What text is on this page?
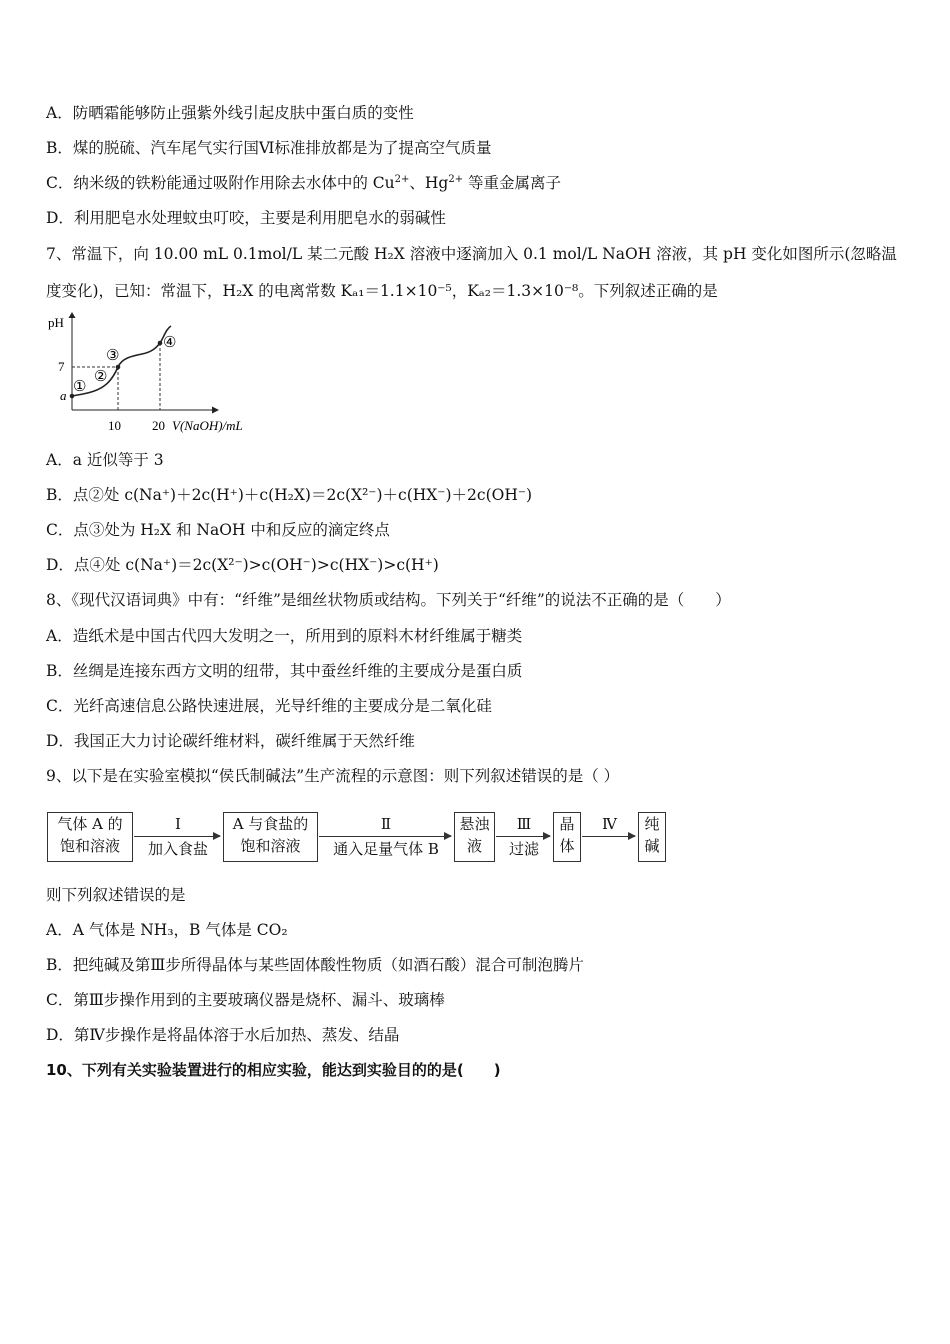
A．防晒霜能够防止强紫外线引起皮肤中蛋白质的变性
B．煤的脱硫、汽车尾气实行国Ⅵ标准排放都是为了提高空气质量
C．纳米级的铁粉能通过吸附作用除去水体中的 $Cu^{2+}$、$Hg^{2+}$ 等重金属离子
D．利用肥皂水处理蚊虫叮咬，主要是利用肥皂水的弱碱性
7、常温下，向 10.00 mL 0.1mol/L 某二元酸 H₂X 溶液中逐滴加入 0.1 mol/L NaOH 溶液，其 pH 变化如图所示(忽略温
度变化)，已知：常温下，H₂X 的电离常数 Kₐ₁＝1.1×10⁻⁵，Kₐ₂＝1.3×10⁻⁸。下列叙述正确的是
pH
7
a
①
②
③
④
10 20 V(NaOH)/mL
A．a 近似等于 3
B．点②处 c(Na⁺)＋2c(H⁺)＋c(H₂X)＝2c(X²⁻)＋c(HX⁻)＋2c(OH⁻)
C．点③处为 H₂X 和 NaOH 中和反应的滴定终点
D．点④处 c(Na⁺)＝2c(X²⁻)>c(OH⁻)>c(HX⁻)>c(H⁺)
8、《现代汉语词典》中有：“纤维”是细丝状物质或结构。下列关于“纤维”的说法不正确的是（　　）
A．造纸术是中国古代四大发明之一，所用到的原料木材纤维属于糖类
B．丝绸是连接东西方文明的纽带，其中蚕丝纤维的主要成分是蛋白质
C．光纤高速信息公路快速进展，光导纤维的主要成分是二氧化硅
D．我国正大力讨论碳纤维材料，碳纤维属于天然纤维
9、以下是在实验室模拟“侯氏制碱法”生产流程的示意图：则下列叙述错误的是（ ）
气体 A 的
饱和溶液
Ⅰ
加入食盐
A 与食盐的
饱和溶液
Ⅱ
通入足量气体 B
悬浊
液
Ⅲ
过滤
晶
体
Ⅳ	纯
碱
则下列叙述错误的是
A．A 气体是 NH₃，B 气体是 CO₂
B．把纯碱及第Ⅲ步所得晶体与某些固体酸性物质（如酒石酸）混合可制泡腾片
C．第Ⅲ步操作用到的主要玻璃仪器是烧杯、漏斗、玻璃棒
D．第Ⅳ步操作是将晶体溶于水后加热、蒸发、结晶
10、下列有关实验装置进行的相应实验，能达到实验目的的是(　　)
